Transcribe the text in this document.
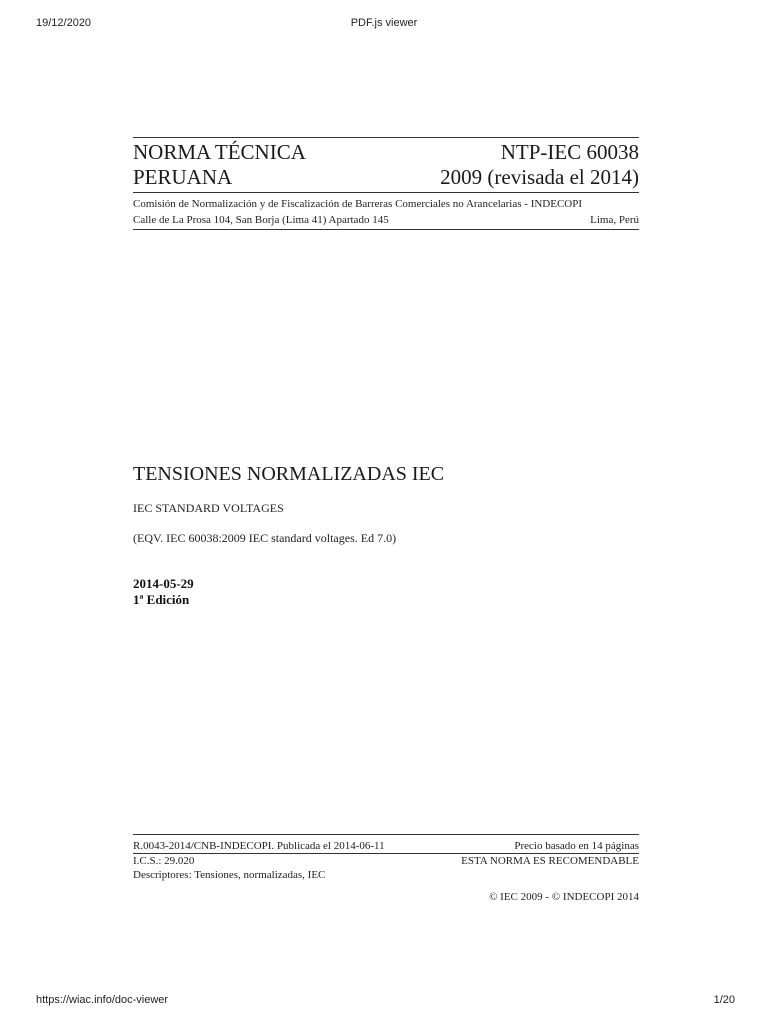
19/12/2020	PDF.js viewer
NORMA TÉCNICA
PERUANA
NTP-IEC 60038
2009 (revisada el 2014)
Comisión de Normalización y de Fiscalización de Barreras Comerciales no Arancelarias - INDECOPI
Calle de La Prosa 104, San Borja (Lima 41) Apartado 145	Lima, Perú
TENSIONES NORMALIZADAS IEC
IEC STANDARD VOLTAGES
(EQV. IEC 60038:2009 IEC standard voltages. Ed 7.0)
2014-05-29
1ª Edición
R.0043-2014/CNB-INDECOPI. Publicada el 2014-06-11	Precio basado en 14 páginas
I.C.S.: 29.020	ESTA NORMA ES RECOMENDABLE
Descriptores: Tensiones, normalizadas, IEC
© IEC 2009 - © INDECOPI 2014
https://wiac.info/doc-viewer	1/20
